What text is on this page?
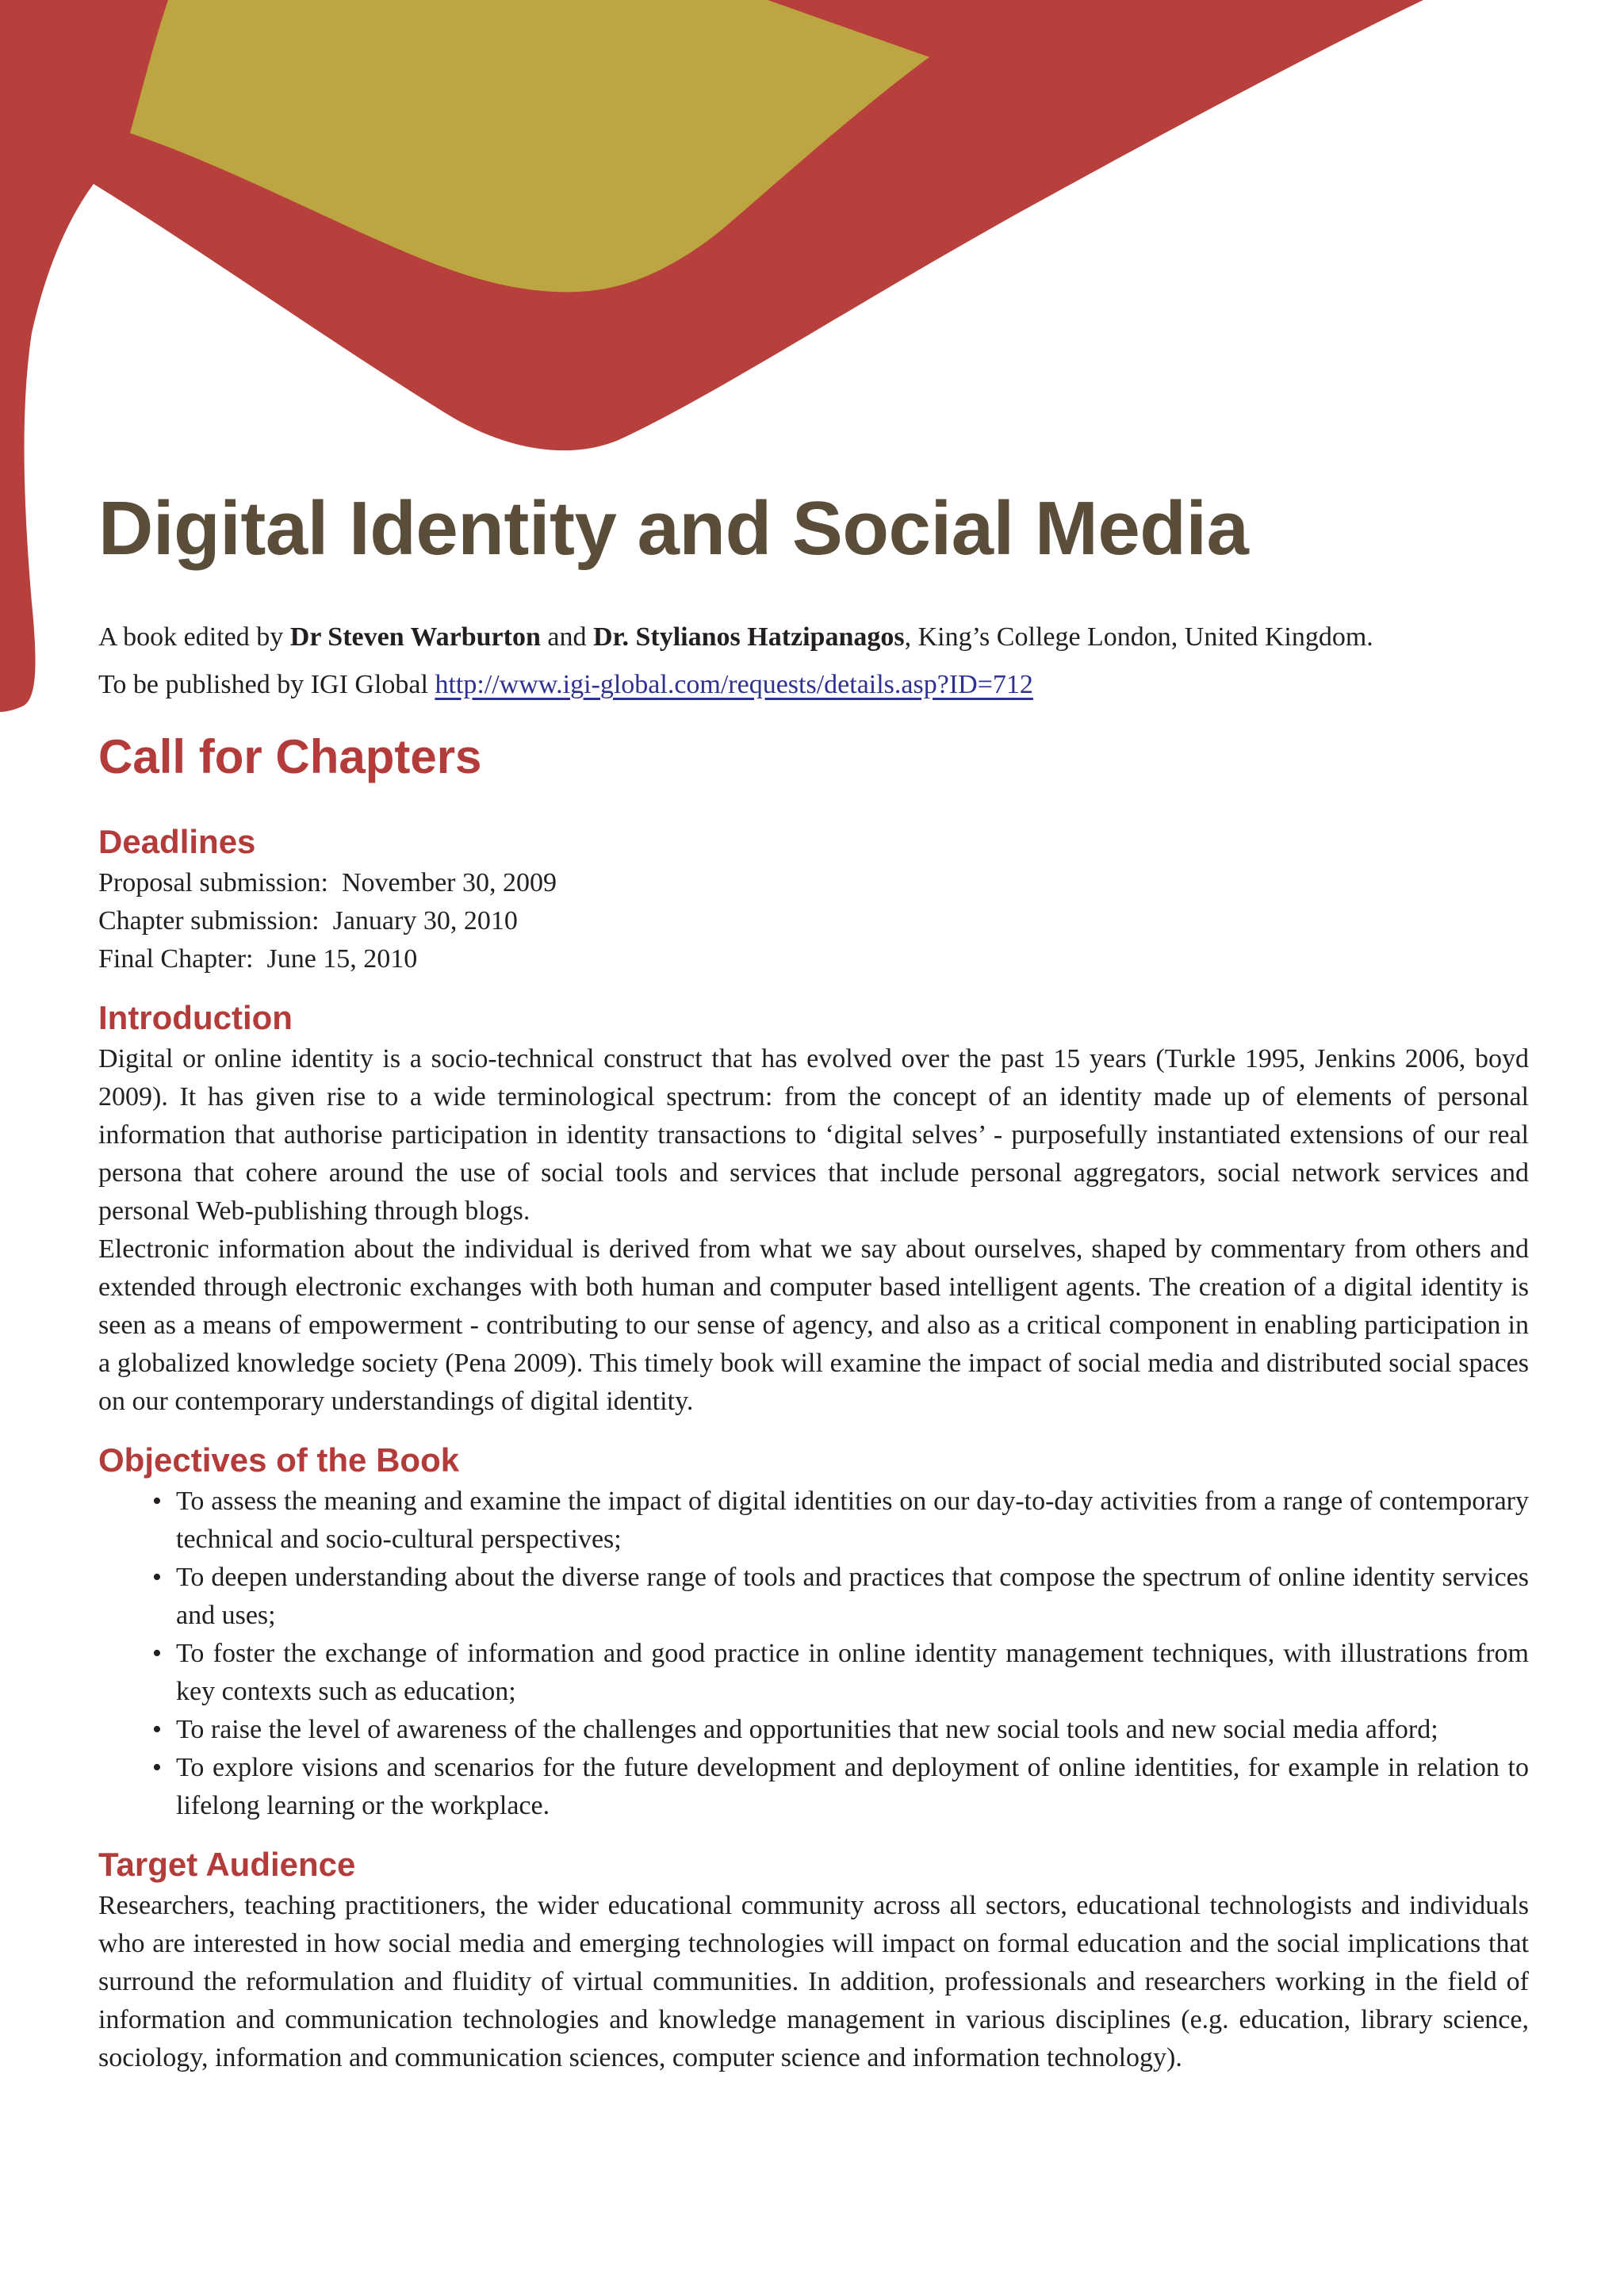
Digital Identity and Social Media
A book edited by Dr Steven Warburton and Dr. Stylianos Hatzipanagos, King’s College London, United Kingdom.
To be published by IGI Global http://www.igi-global.com/requests/details.asp?ID=712
Call for Chapters
Deadlines
Proposal submission: November 30, 2009
Chapter submission: January 30, 2010
Final Chapter: June 15, 2010
Introduction

Digital or online identity is a socio-technical construct that has evolved over the past 15 years (Turkle 1995, Jenkins 2006, boyd 2009). It has given rise to a wide terminological spectrum: from the concept of an identity made up of elements of personal information that authorise participation in identity transactions to ‘digital selves’ - purposefully instantiated extensions of our real persona that cohere around the use of social tools and services that include personal aggregators, social network services and personal Web-publishing through blogs.

Electronic information about the individual is derived from what we say about ourselves, shaped by commentary from others and extended through electronic exchanges with both human and computer based intelligent agents. The creation of a digital identity is seen as a means of empowerment - contributing to our sense of agency, and also as a critical component in enabling participation in a globalized knowledge society (Pena 2009). This timely book will examine the impact of social media and distributed social spaces on our contemporary understandings of digital identity.

Objectives of the Book
• To assess the meaning and examine the impact of digital identities on our day-to-day activities from a range of contemporary technical and socio-cultural perspectives;
• To deepen understanding about the diverse range of tools and practices that compose the spectrum of online identity services and uses;
• To foster the exchange of information and good practice in online identity management techniques, with illustrations from key contexts such as education;
• To raise the level of awareness of the challenges and opportunities that new social tools and new social media afford;
• To explore visions and scenarios for the future development and deployment of online identities, for example in relation to lifelong learning or the workplace.
Target Audience

Researchers, teaching practitioners, the wider educational community across all sectors, educational technologists and individuals who are interested in how social media and emerging technologies will impact on formal education and the social implications that surround the reformulation and fluidity of virtual communities. In addition, professionals and researchers working in the field of information and communication technologies and knowledge management in various disciplines (e.g. education, library science, sociology, information and communication sciences, computer science and information technology).
